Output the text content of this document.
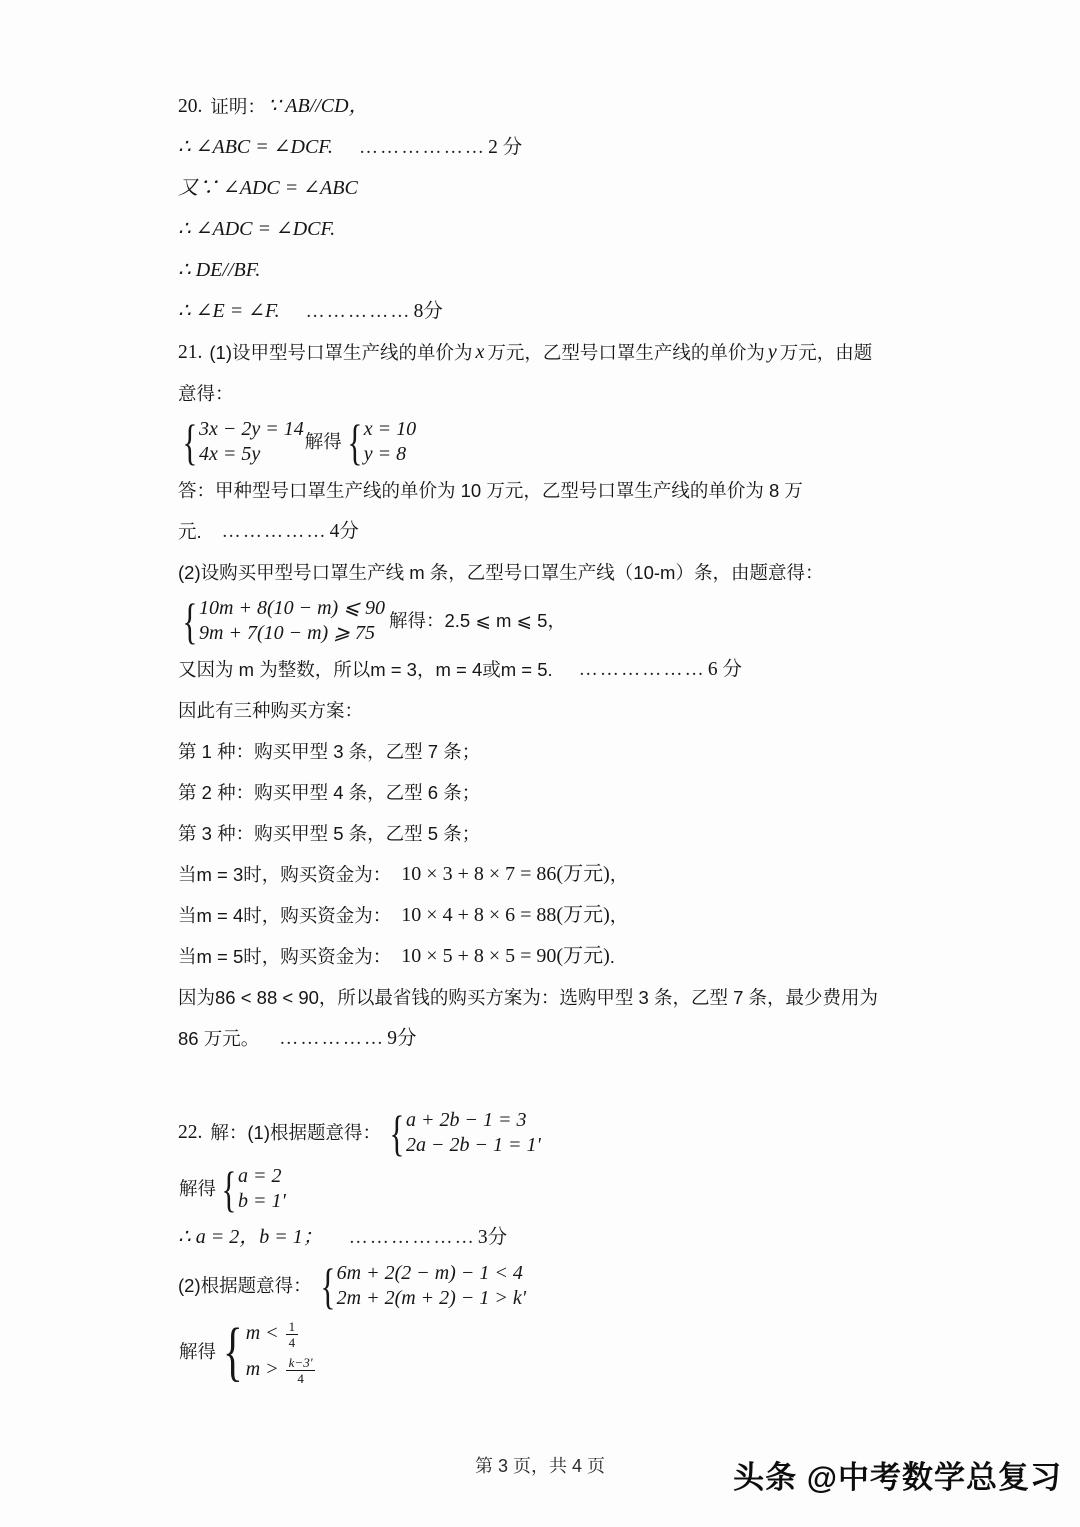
20. 证明： ∵ AB//CD，
∴ ∠ABC = ∠DCF. ……………… 2 分
又∵ ∠ADC = ∠ABC
∴ ∠ADC = ∠DCF.
∴ DE//BF.
∴ ∠E = ∠F. …………… 8分
21. (1)设甲型号口罩生产线的单价为 x 万元，乙型号口罩生产线的单价为 y 万元，由题
意得：
{ 3x − 2y = 14
4x = 5y
解得 { x = 10
y = 8
答：甲种型号口罩生产线的单价为 10 万元，乙型号口罩生产线的单价为 8 万
元. …………… 4分
(2)设购买甲型号口罩生产线 m 条，乙型号口罩生产线（10-m）条，由题意得：
{ 10m + 8(10 − m) ⩽ 90
9m + 7(10 − m) ⩾ 75
解得：2.5 ⩽ m ⩽ 5，
又因为 m 为整数，所以m = 3，m = 4或m = 5. ……………… 6 分
因此有三种购买方案：
第 1 种：购买甲型 3 条，乙型 7 条；
第 2 种：购买甲型 4 条，乙型 6 条；
第 3 种：购买甲型 5 条，乙型 5 条；
当m = 3时，购买资金为： 10 × 3 + 8 × 7 = 86(万元) ，
当m = 4时，购买资金为： 10 × 4 + 8 × 6 = 88(万元) ，
当m = 5时，购买资金为： 10 × 5 + 8 × 5 = 90(万元) .
因为86 < 88 < 90，所以最省钱的购买方案为：选购甲型 3 条，乙型 7 条，最少费用为
86 万元。 …………… 9分
22. 解： (1)根据题意得： { a + 2b − 1 = 3
2a − 2b − 1 = 1'
解得 { a = 2
b = 1'
∴ a = 2，b = 1； ……………… 3分
(2)根据题意得： { 6m + 2(2 − m) − 1 < 4
2m + 2(m + 2) − 1 > k'
解得 { $m < \frac{1}{4}$
$m > \frac{k-3'}{4}$
第 3 页，共 4 页	头条 @中考数学总复习
